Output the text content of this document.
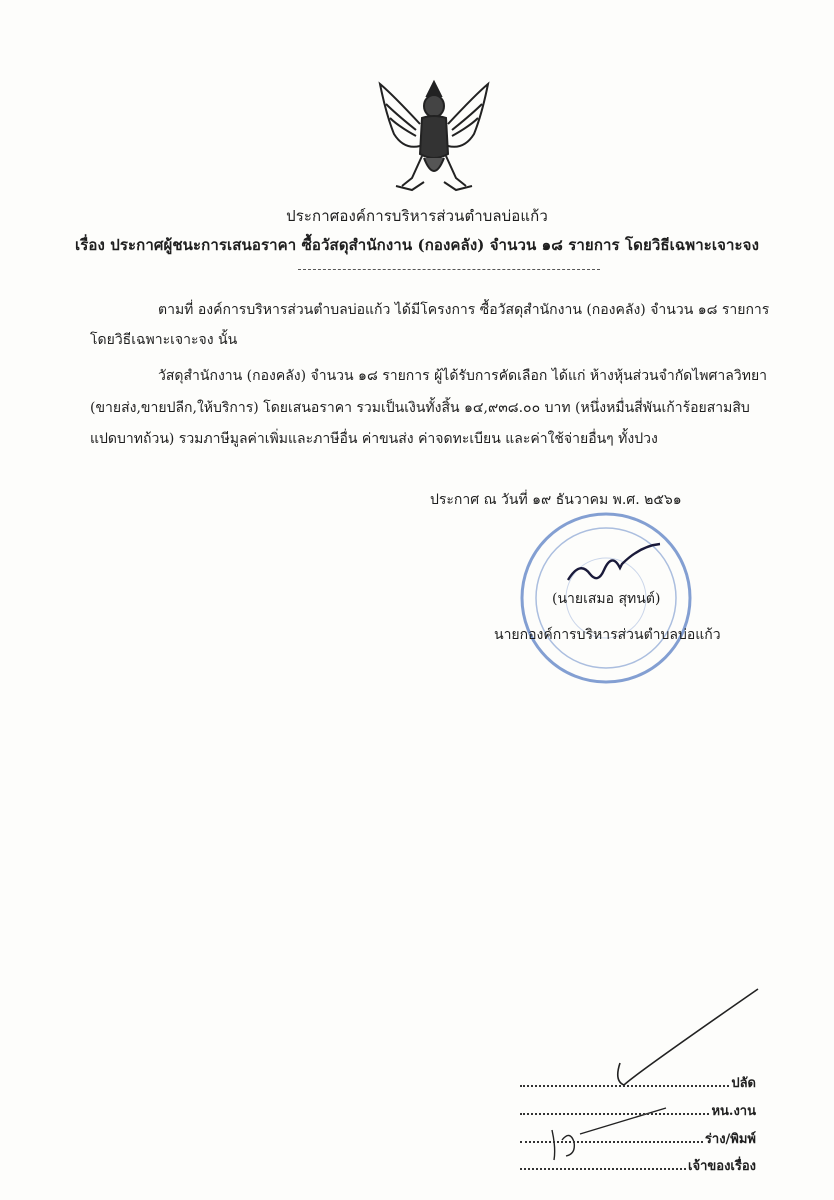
ประกาศองค์การบริหารส่วนตำบลบ่อแก้ว
เรื่อง ประกาศผู้ชนะการเสนอราคา ซื้อวัสดุสำนักงาน (กองคลัง) จำนวน ๑๘ รายการ โดยวิธีเฉพาะเจาะจง
ตามที่ องค์การบริหารส่วนตำบลบ่อแก้ว ได้มีโครงการ ซื้อวัสดุสำนักงาน (กองคลัง) จำนวน ๑๘ รายการ
โดยวิธีเฉพาะเจาะจง นั้น
วัสดุสำนักงาน (กองคลัง) จำนวน ๑๘ รายการ ผู้ได้รับการคัดเลือก ได้แก่ ห้างหุ้นส่วนจำกัดไพศาลวิทยา
(ขายส่ง,ขายปลีก,ให้บริการ) โดยเสนอราคา รวมเป็นเงินทั้งสิ้น ๑๔,๙๓๘.๐๐ บาท (หนึ่งหมื่นสี่พันเก้าร้อยสามสิบ
แปดบาทถ้วน) รวมภาษีมูลค่าเพิ่มและภาษีอื่น ค่าขนส่ง ค่าจดทะเบียน และค่าใช้จ่ายอื่นๆ ทั้งปวง
ประกาศ ณ วันที่ ๑๙ ธันวาคม พ.ศ. ๒๕๖๑
(นายเสมอ สุทนต์)
นายกองค์การบริหารส่วนตำบลบ่อแก้ว
ปลัด
หน.งาน
ร่าง/พิมพ์
เจ้าของเรื่อง
